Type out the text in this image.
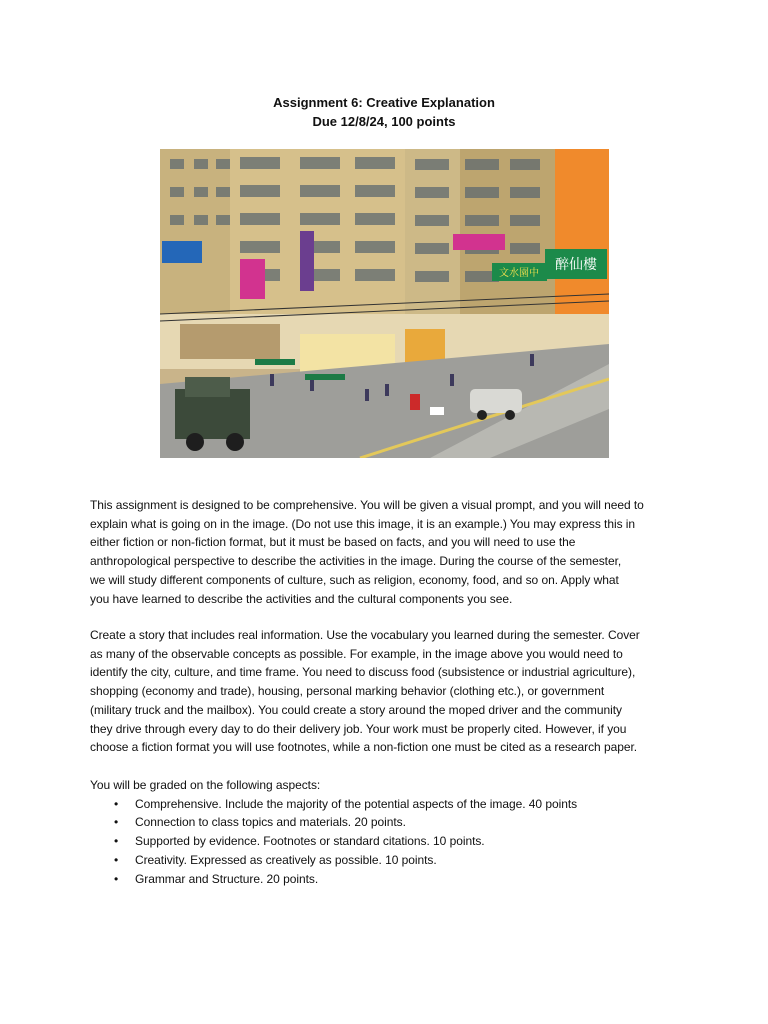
Assignment 6: Creative Explanation
Due 12/8/24, 100 points
醉仙樓
文水園中
This assignment is designed to be comprehensive. You will be given a visual prompt, and you will need to
explain what is going on in the image. (Do not use this image, it is an example.) You may express this in
either fiction or non-fiction format, but it must be based on facts, and you will need to use the
anthropological perspective to describe the activities in the image. During the course of the semester,
we will study different components of culture, such as religion, economy, food, and so on. Apply what
you have learned to describe the activities and the cultural components you see.
Create a story that includes real information. Use the vocabulary you learned during the semester. Cover
as many of the observable concepts as possible. For example, in the image above you would need to
identify the city, culture, and time frame. You need to discuss food (subsistence or industrial agriculture),
shopping (economy and trade), housing, personal marking behavior (clothing etc.), or government
(military truck and the mailbox). You could create a story around the moped driver and the community
they drive through every day to do their delivery job. Your work must be properly cited. However, if you
choose a fiction format you will use footnotes, while a non-fiction one must be cited as a research paper.
You will be graded on the following aspects:
• Comprehensive. Include the majority of the potential aspects of the image. 40 points
• Connection to class topics and materials. 20 points.
• Supported by evidence. Footnotes or standard citations. 10 points.
• Creativity. Expressed as creatively as possible. 10 points.
• Grammar and Structure. 20 points.
